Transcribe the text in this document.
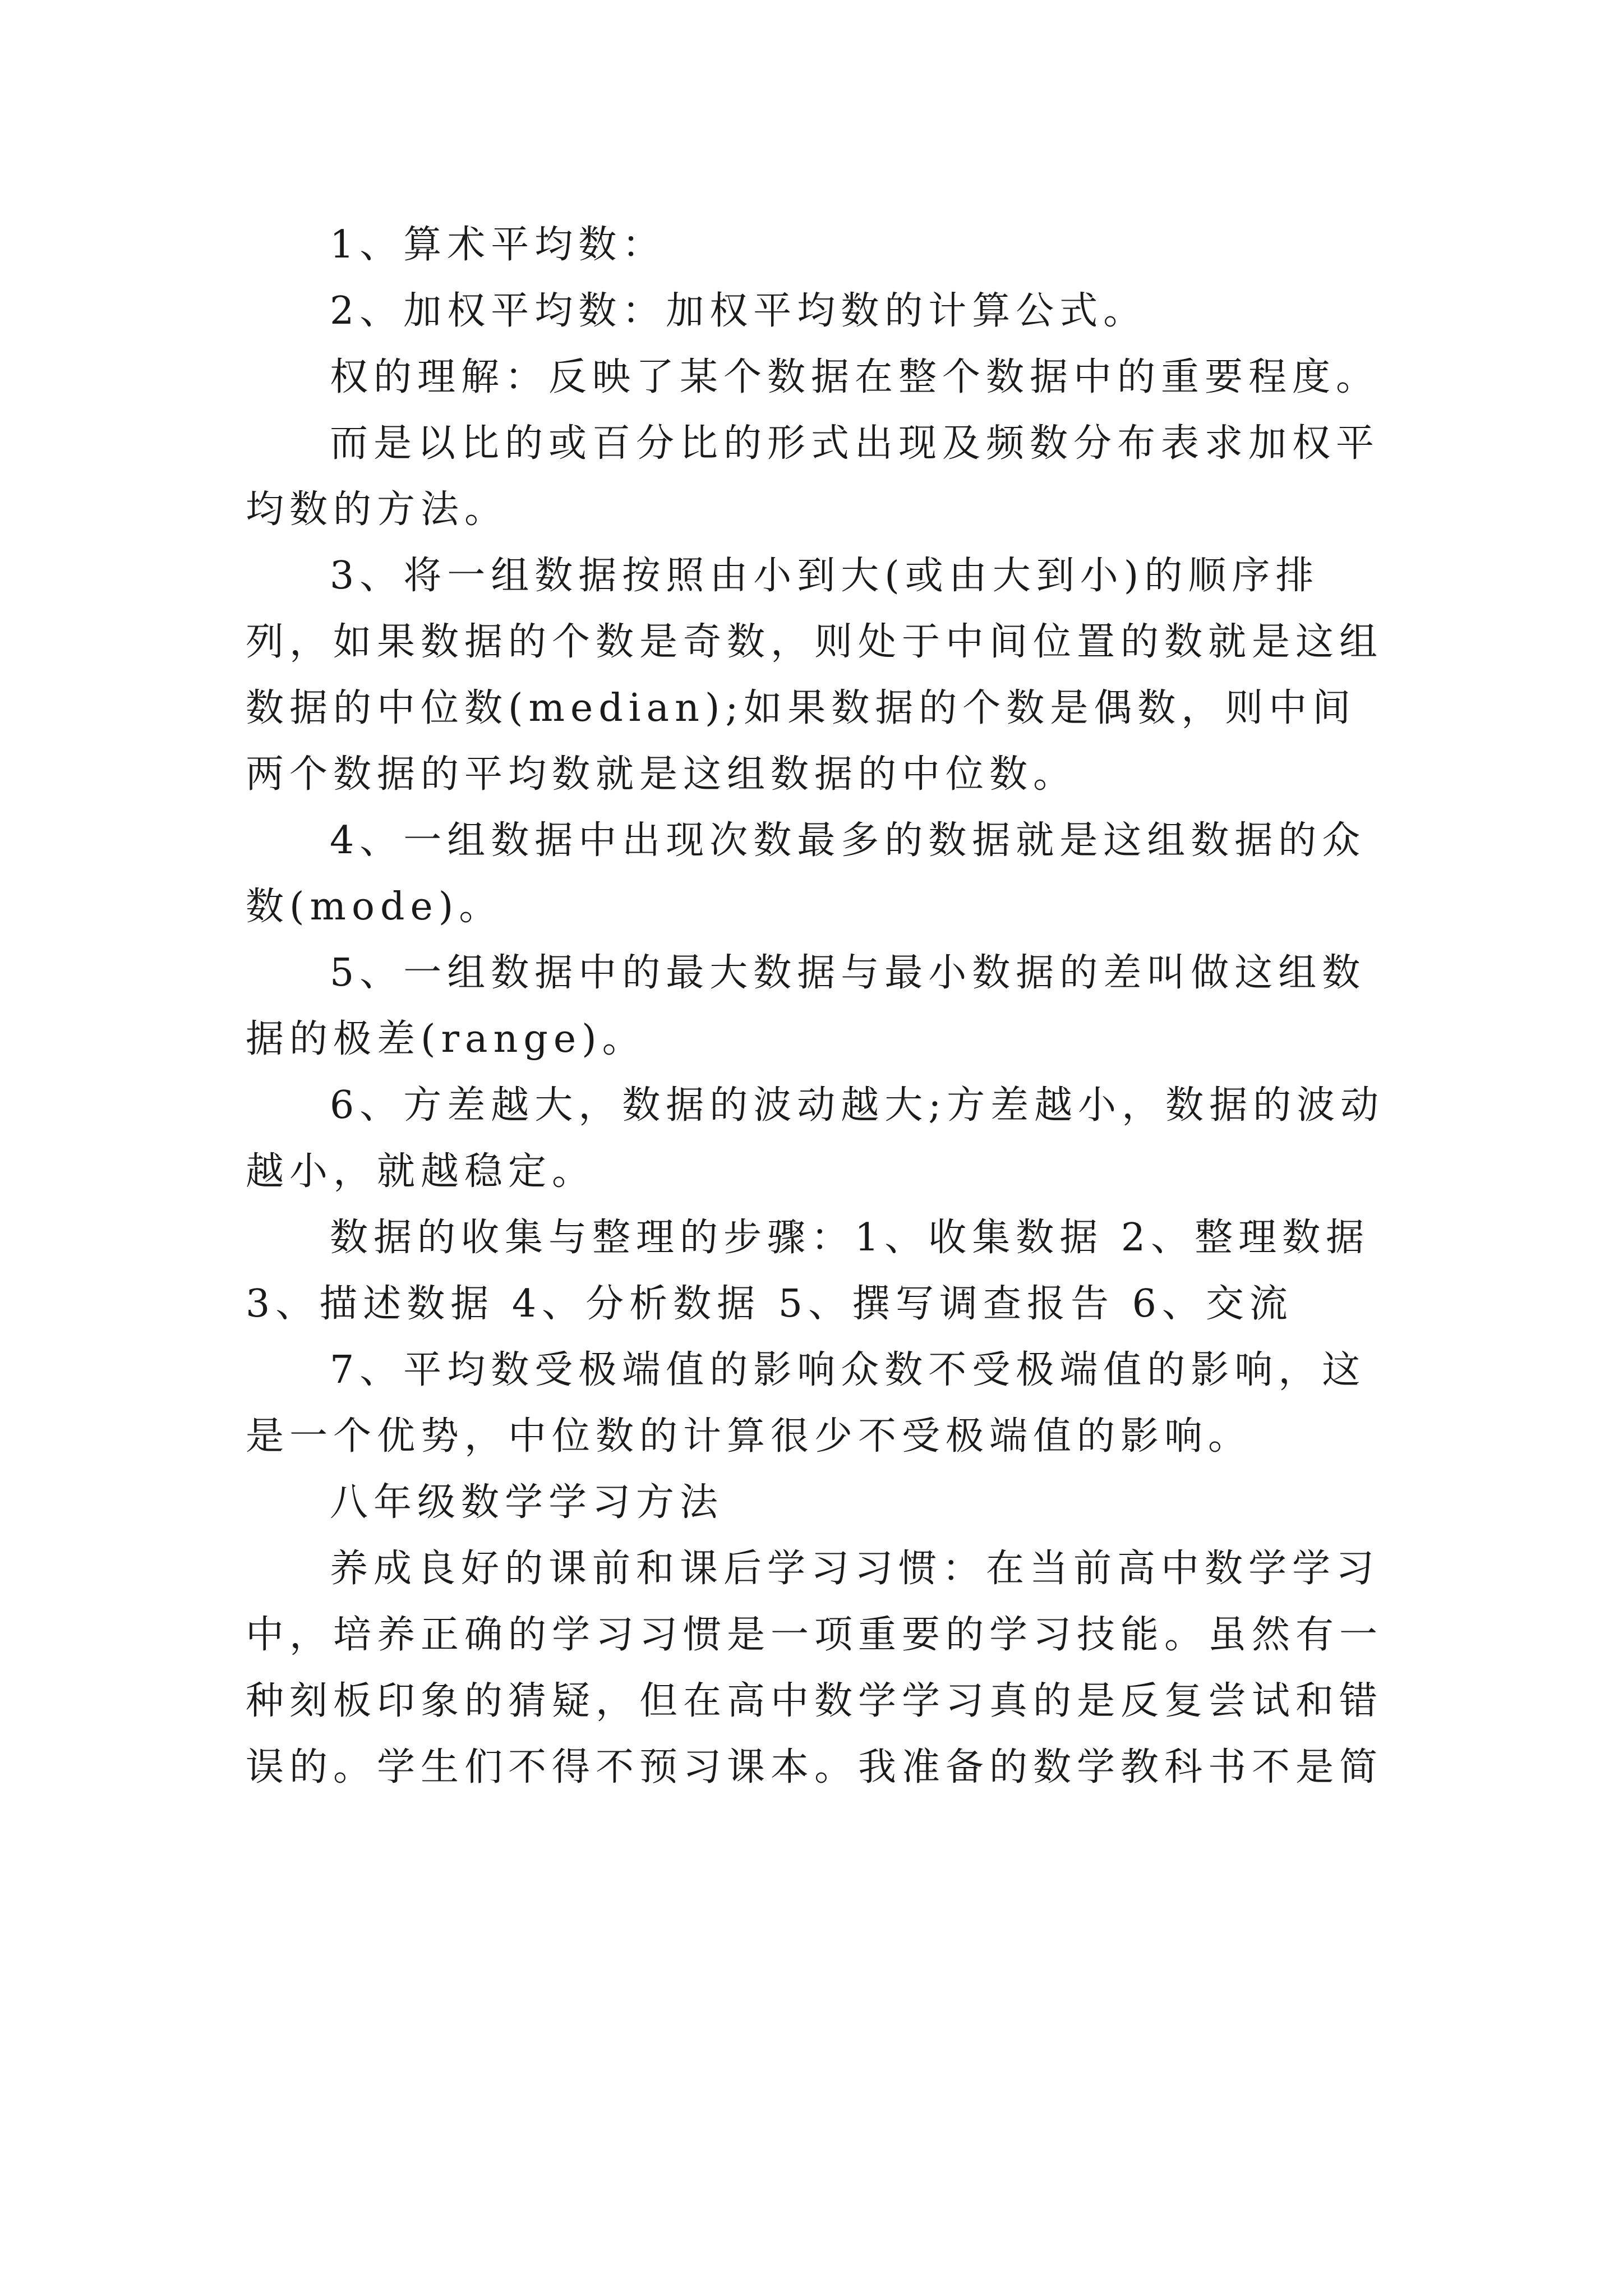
1、算术平均数：

2、加权平均数：加权平均数的计算公式。

权的理解：反映了某个数据在整个数据中的重要程度。

而是以比的或百分比的形式出现及频数分布表求加权平均数的方法。

3、将一组数据按照由小到大(或由大到小)的顺序排列，如果数据的个数是奇数，则处于中间位置的数就是这组数据的中位数(median);如果数据的个数是偶数，则中间两个数据的平均数就是这组数据的中位数。

4、一组数据中出现次数最多的数据就是这组数据的众数(mode)。

5、一组数据中的最大数据与最小数据的差叫做这组数据的极差(range)。

6、方差越大，数据的波动越大;方差越小，数据的波动越小，就越稳定。

数据的收集与整理的步骤：1、收集数据 2、整理数据 3、描述数据 4、分析数据 5、撰写调查报告 6、交流

7、平均数受极端值的影响众数不受极端值的影响，这是一个优势，中位数的计算很少不受极端值的影响。

八年级数学学习方法

养成良好的课前和课后学习习惯：在当前高中数学学习中，培养正确的学习习惯是一项重要的学习技能。虽然有一种刻板印象的猜疑，但在高中数学学习真的是反复尝试和错误的。学生们不得不预习课本。我准备的数学教科书不是简
